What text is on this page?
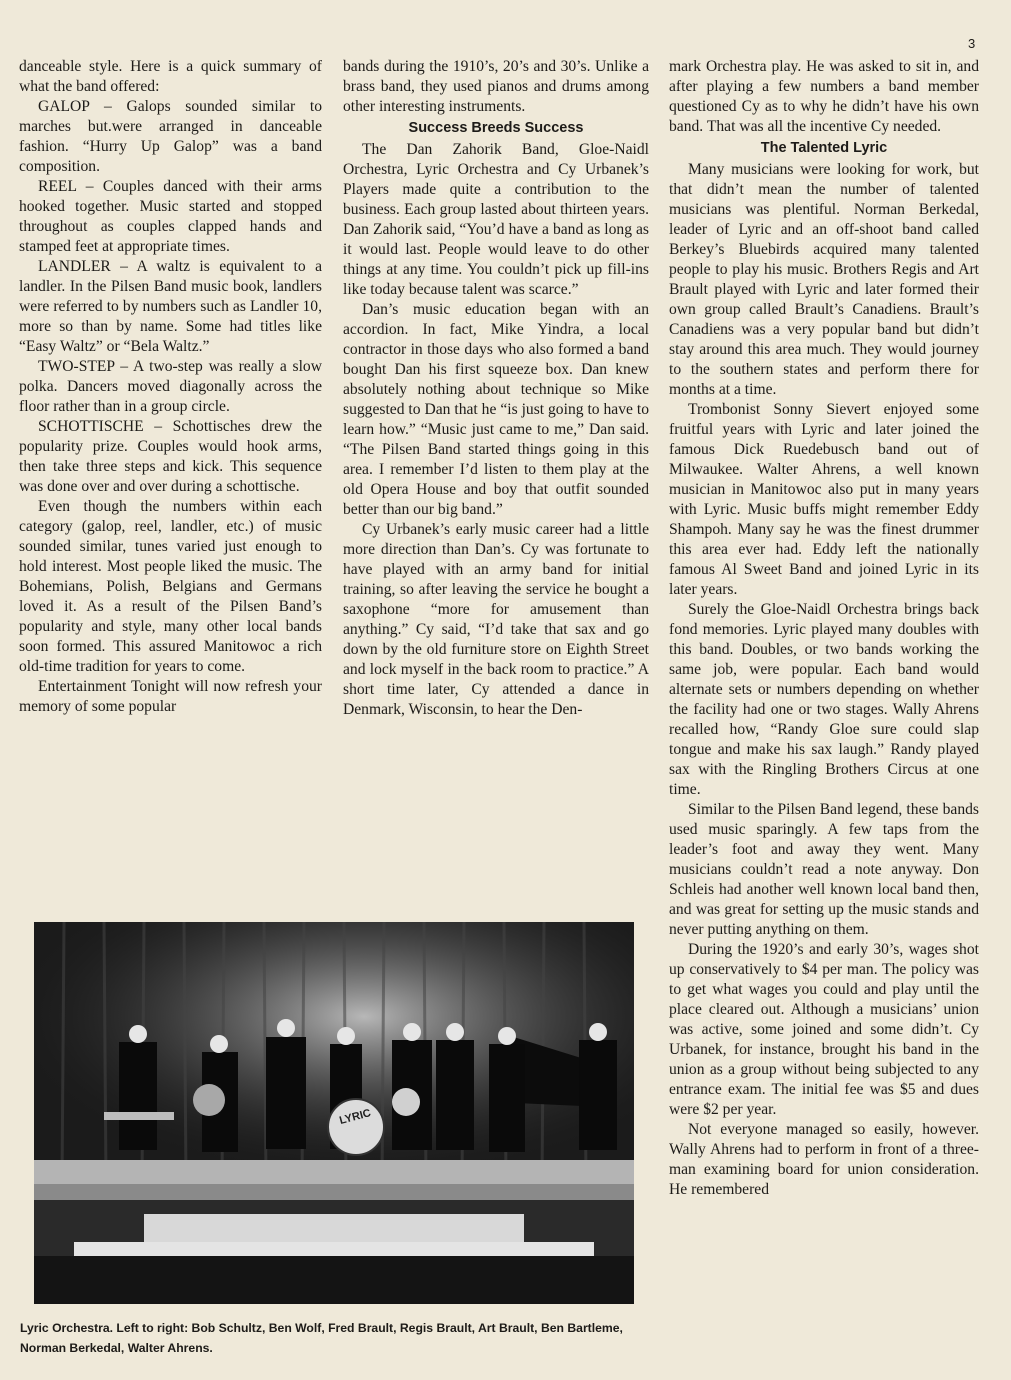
3

danceable style. Here is a quick summary of what the band offered:

GALOP – Galops sounded similar to marches but.were arranged in danceable fashion. “Hurry Up Galop” was a band composition.

REEL – Couples danced with their arms hooked together. Music started and stopped throughout as couples clapped hands and stamped feet at appropriate times.

LANDLER – A waltz is equivalent to a landler. In the Pilsen Band music book, landlers were referred to by numbers such as Landler 10, more so than by name. Some had titles like “Easy Waltz” or “Bela Waltz.”

TWO-STEP – A two-step was really a slow polka. Dancers moved diagonally across the floor rather than in a group circle.

SCHOTTISCHE – Schottisches drew the popularity prize. Couples would hook arms, then take three steps and kick. This sequence was done over and over during a schottische.

Even though the numbers within each category (galop, reel, landler, etc.) of music sounded similar, tunes varied just enough to hold interest. Most people liked the music. The Bohemians, Polish, Belgians and Germans loved it. As a result of the Pilsen Band’s popularity and style, many other local bands soon formed. This assured Manitowoc a rich old-time tradition for years to come.

Entertainment Tonight will now refresh your memory of some popular

bands during the 1910’s, 20’s and 30’s. Unlike a brass band, they used pianos and drums among other interesting instruments.

Success Breeds Success

The Dan Zahorik Band, Gloe-Naidl Orchestra, Lyric Orchestra and Cy Urbanek’s Players made quite a contribution to the business. Each group lasted about thirteen years. Dan Zahorik said, “You’d have a band as long as it would last. People would leave to do other things at any time. You couldn’t pick up fill-ins like today because talent was scarce.”

Dan’s music education began with an accordion. In fact, Mike Yindra, a local contractor in those days who also formed a band bought Dan his first squeeze box. Dan knew absolutely nothing about technique so Mike suggested to Dan that he “is just going to have to learn how.” “Music just came to me,” Dan said. “The Pilsen Band started things going in this area. I remember I’d listen to them play at the old Opera House and boy that outfit sounded better than our big band.”

Cy Urbanek’s early music career had a little more direction than Dan’s. Cy was fortunate to have played with an army band for initial training, so after leaving the service he bought a saxophone “more for amusement than anything.” Cy said, “I’d take that sax and go down by the old furniture store on Eighth Street and lock myself in the back room to practice.” A short time later, Cy attended a dance in Denmark, Wisconsin, to hear the Den-

mark Orchestra play. He was asked to sit in, and after playing a few numbers a band member questioned Cy as to why he didn’t have his own band. That was all the incentive Cy needed.

The Talented Lyric

Many musicians were looking for work, but that didn’t mean the number of talented musicians was plentiful. Norman Berkedal, leader of Lyric and an off-shoot band called Berkey’s Bluebirds acquired many talented people to play his music. Brothers Regis and Art Brault played with Lyric and later formed their own group called Brault’s Canadiens. Brault’s Canadiens was a very popular band but didn’t stay around this area much. They would journey to the southern states and perform there for months at a time.

Trombonist Sonny Sievert enjoyed some fruitful years with Lyric and later joined the famous Dick Ruedebusch band out of Milwaukee. Walter Ahrens, a well known musician in Manitowoc also put in many years with Lyric. Music buffs might remember Eddy Shampoh. Many say he was the finest drummer this area ever had. Eddy left the nationally famous Al Sweet Band and joined Lyric in its later years.

Surely the Gloe-Naidl Orchestra brings back fond memories. Lyric played many doubles with this band. Doubles, or two bands working the same job, were popular. Each band would alternate sets or numbers depending on whether the facility had one or two stages. Wally Ahrens recalled how, “Randy Gloe sure could slap tongue and make his sax laugh.” Randy played sax with the Ringling Brothers Circus at one time.

Similar to the Pilsen Band legend, these bands used music sparingly. A few taps from the leader’s foot and away they went. Many musicians couldn’t read a note anyway. Don Schleis had another well known local band then, and was great for setting up the music stands and never putting anything on them.

During the 1920’s and early 30’s, wages shot up conservatively to $4 per man. The policy was to get what wages you could and play until the place cleared out. Although a musicians’ union was active, some joined and some didn’t. Cy Urbanek, for instance, brought his band in the union as a group without being subjected to any entrance exam. The initial fee was $5 and dues were $2 per year.

Not everyone managed so easily, however. Wally Ahrens had to perform in front of a three-man examining board for union consideration. He remembered

LYRIC
Lyric Orchestra. Left to right: Bob Schultz, Ben Wolf, Fred Brault, Regis Brault, Art Brault, Ben Bartleme, Norman Berkedal, Walter Ahrens.
